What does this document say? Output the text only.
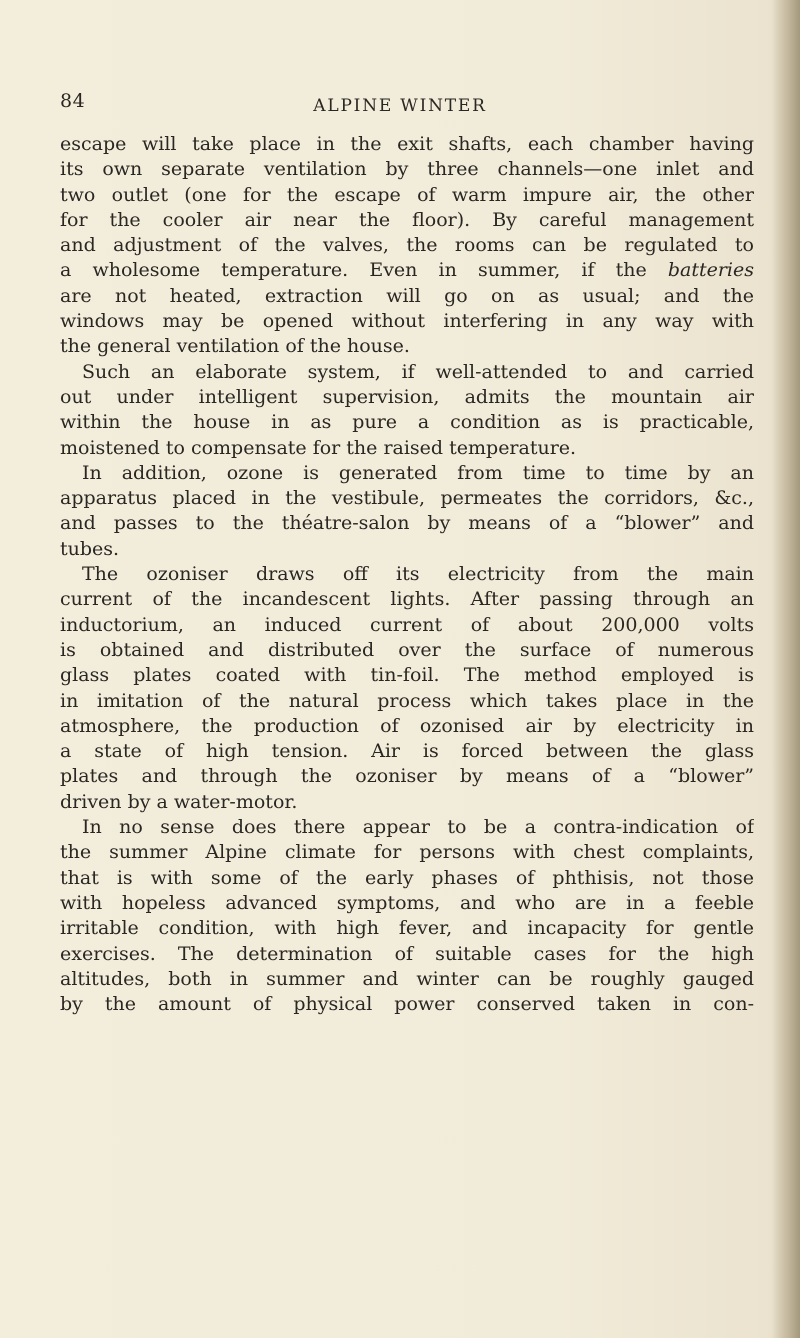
84	ALPINE WINTER
escape will take place in the exit shafts, each chamber having
its own separate ventilation by three channels—one inlet and
two outlet (one for the escape of warm impure air, the other
for the cooler air near the floor). By careful management
and adjustment of the valves, the rooms can be regulated to
a wholesome temperature. Even in summer, if the batteries
are not heated, extraction will go on as usual; and the
windows may be opened without interfering in any way with
the general ventilation of the house.
Such an elaborate system, if well-attended to and carried
out under intelligent supervision, admits the mountain air
within the house in as pure a condition as is practicable,
moistened to compensate for the raised temperature.
In addition, ozone is generated from time to time by an
apparatus placed in the vestibule, permeates the corridors, &c.,
and passes to the théatre-salon by means of a “blower” and
tubes.
The ozoniser draws off its electricity from the main
current of the incandescent lights. After passing through an
inductorium, an induced current of about 200,000 volts
is obtained and distributed over the surface of numerous
glass plates coated with tin-foil. The method employed is
in imitation of the natural process which takes place in the
atmosphere, the production of ozonised air by electricity in
a state of high tension. Air is forced between the glass
plates and through the ozoniser by means of a “blower”
driven by a water-motor.
In no sense does there appear to be a contra-indication of
the summer Alpine climate for persons with chest complaints,
that is with some of the early phases of phthisis, not those
with hopeless advanced symptoms, and who are in a feeble
irritable condition, with high fever, and incapacity for gentle
exercises. The determination of suitable cases for the high
altitudes, both in summer and winter can be roughly gauged
by the amount of physical power conserved taken in con-
